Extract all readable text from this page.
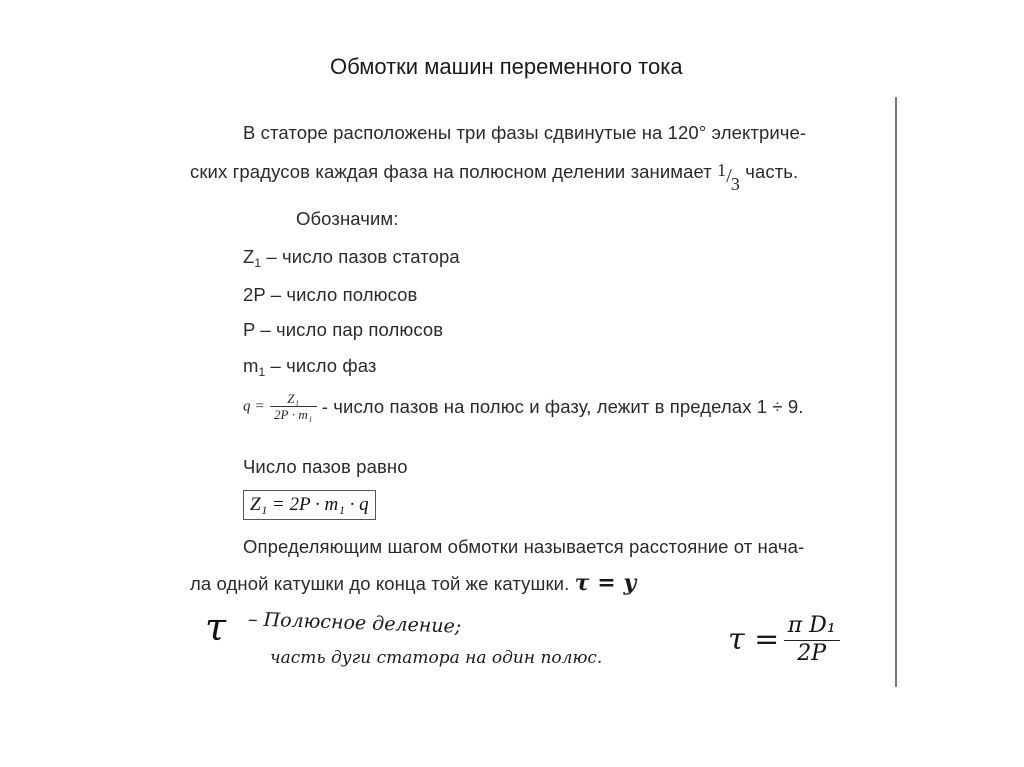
Обмотки машин переменного тока
В статоре расположены три фазы сдвинутые на 120° электриче-
ских градусов каждая фаза на полюсном делении занимает 1/3 часть.
Обозначим:
$Z_1$ – число пазов статора
2P – число полюсов
P – число пар полюсов
$m_1$ – число фаз
$q = \frac{\text{Z₁}}{\text{2P · m₁}}$ - число пазов на полюс и фазу, лежит в пределах 1 ÷ 9.
Число пазов равно
Z₁ = 2P · m₁ · q
Определяющим шагом обмотки называется расстояние от нача-
ла одной катушки до конца той же катушки. τ = y
τ – Полюсное деление;
часть дуги статора на один полюс.
$\tau = \frac{\text{π D₁}}{2P}$
